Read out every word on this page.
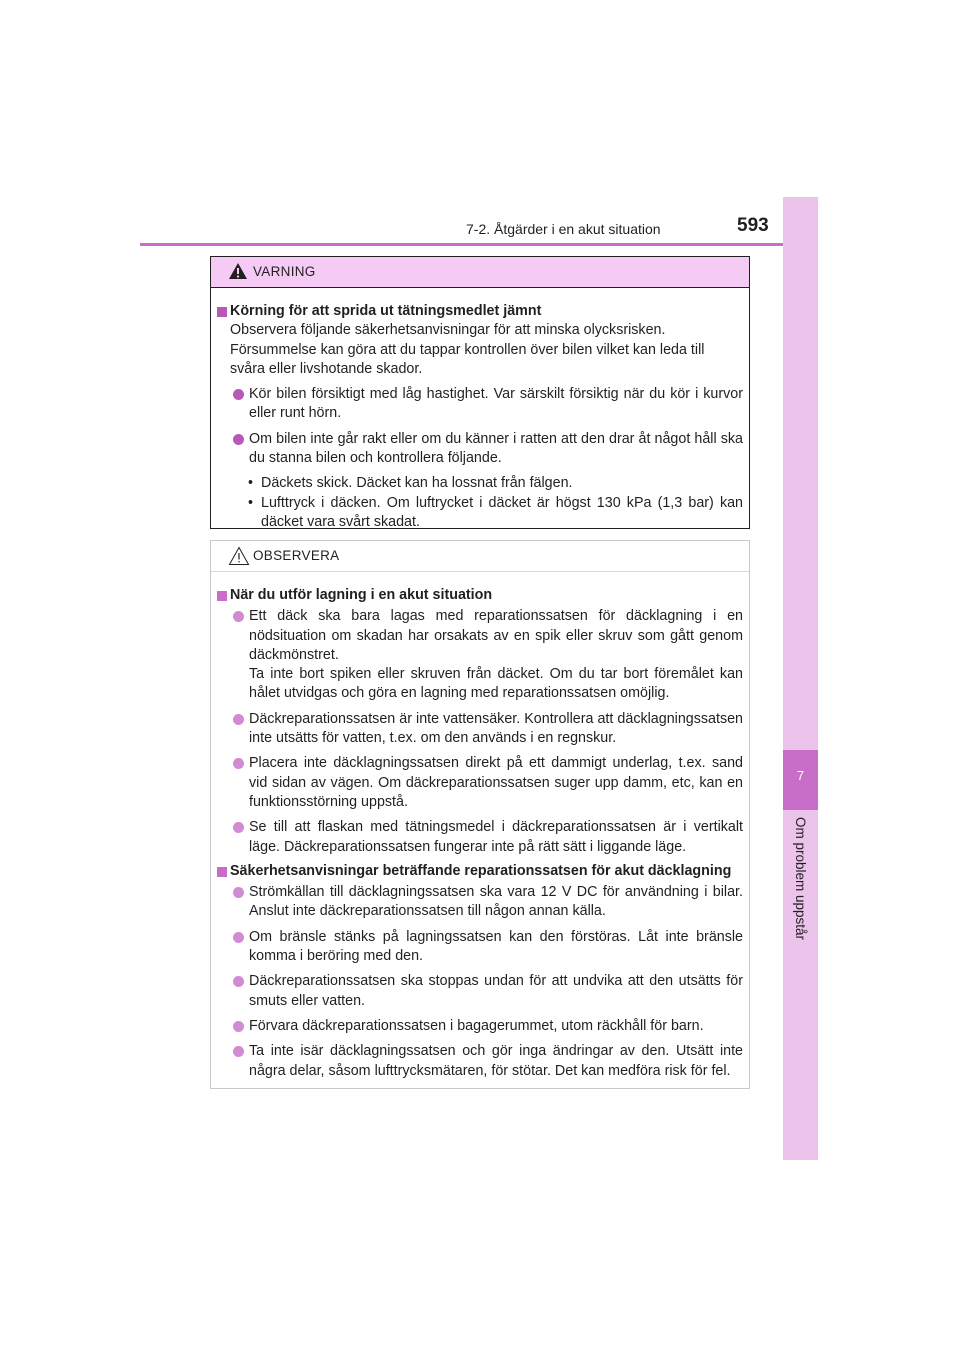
593
7-2. Åtgärder i en akut situation
7
Om problem uppstår
VARNING
Körning för att sprida ut tätningsmedlet jämnt
Observera följande säkerhetsanvisningar för att minska olycksrisken.
Försummelse kan göra att du tappar kontrollen över bilen vilket kan leda till
svåra eller livshotande skador.
Kör bilen försiktigt med låg hastighet. Var särskilt försiktig när du kör i kurvor eller runt hörn.
Om bilen inte går rakt eller om du känner i ratten att den drar åt något håll ska du stanna bilen och kontrollera följande.
• Däckets skick. Däcket kan ha lossnat från fälgen.
• Lufttryck i däcken. Om luftrycket i däcket är högst 130 kPa (1,3 bar) kan däcket vara svårt skadat.
OBSERVERA
När du utför lagning i en akut situation
Ett däck ska bara lagas med reparationssatsen för däcklagning i en nödsituation om skadan har orsakats av en spik eller skruv som gått genom däckmönstret.
Ta inte bort spiken eller skruven från däcket. Om du tar bort föremålet kan hålet utvidgas och göra en lagning med reparationssatsen omöjlig.
Däckreparationssatsen är inte vattensäker. Kontrollera att däcklagningssatsen inte utsätts för vatten, t.ex. om den används i en regnskur.
Placera inte däcklagningssatsen direkt på ett dammigt underlag, t.ex. sand vid sidan av vägen. Om däckreparationssatsen suger upp damm, etc, kan en funktionsstörning uppstå.
Se till att flaskan med tätningsmedel i däckreparationssatsen är i vertikalt läge. Däckreparationssatsen fungerar inte på rätt sätt i liggande läge.
Säkerhetsanvisningar beträffande reparationssatsen för akut däcklagning
Strömkällan till däcklagningssatsen ska vara 12 V DC för användning i bilar. Anslut inte däckreparationssatsen till någon annan källa.
Om bränsle stänks på lagningssatsen kan den förstöras. Låt inte bränsle komma i beröring med den.
Däckreparationssatsen ska stoppas undan för att undvika att den utsätts för smuts eller vatten.
Förvara däckreparationssatsen i bagagerummet, utom räckhåll för barn.
Ta inte isär däcklagningssatsen och gör inga ändringar av den. Utsätt inte några delar, såsom lufttrycksmätaren, för stötar. Det kan medföra risk för fel.
